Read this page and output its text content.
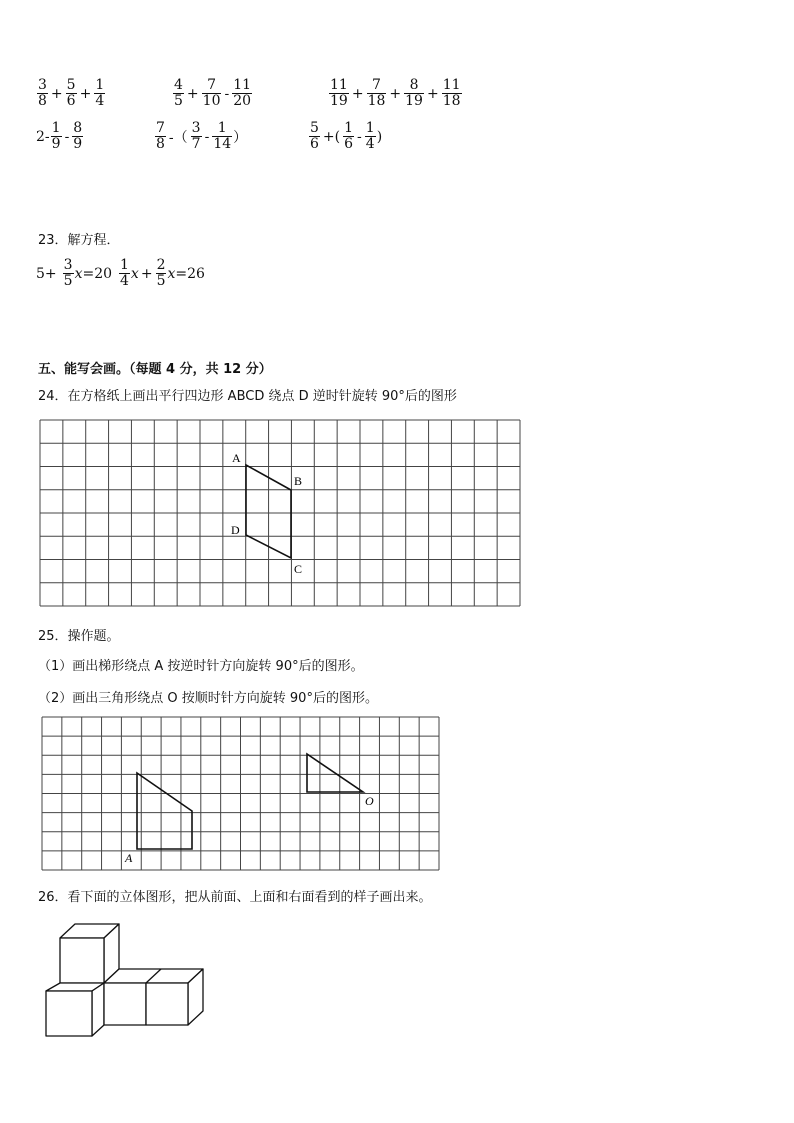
$\frac{3}{8} + \frac{5}{6} + \frac{1}{4}$	$\frac{4}{5} + \frac{7}{10} - \frac{11}{20}$	$\frac{11}{19} + \frac{7}{18} + \frac{8}{19} + \frac{11}{18}$
$2- \frac{1}{9} - \frac{8}{9}$	$\frac{7}{8}$ -（ $\frac{3}{7} - \frac{1}{14}$ ）	$\frac{5}{6}$ +( $\frac{1}{6} - \frac{1}{4}$ )
23．解方程．
$5+ \frac{3}{5}$ $x =20 \frac{1}{4}$ $x + \frac{2}{5}$ x =26
五、能写会画。（每题 4 分，共 12 分）
24．在方格纸上画出平行四边形 ABCD 绕点 D 逆时针旋转 90°后的图形
A
B
C
D
25．操作题。
（1）画出梯形绕点 A 按逆时针方向旋转 90°后的图形。
（2）画出三角形绕点 O 按顺时针方向旋转 90°后的图形。
A
O
26．看下面的立体图形，把从前面、上面和右面看到的样子画出来。
